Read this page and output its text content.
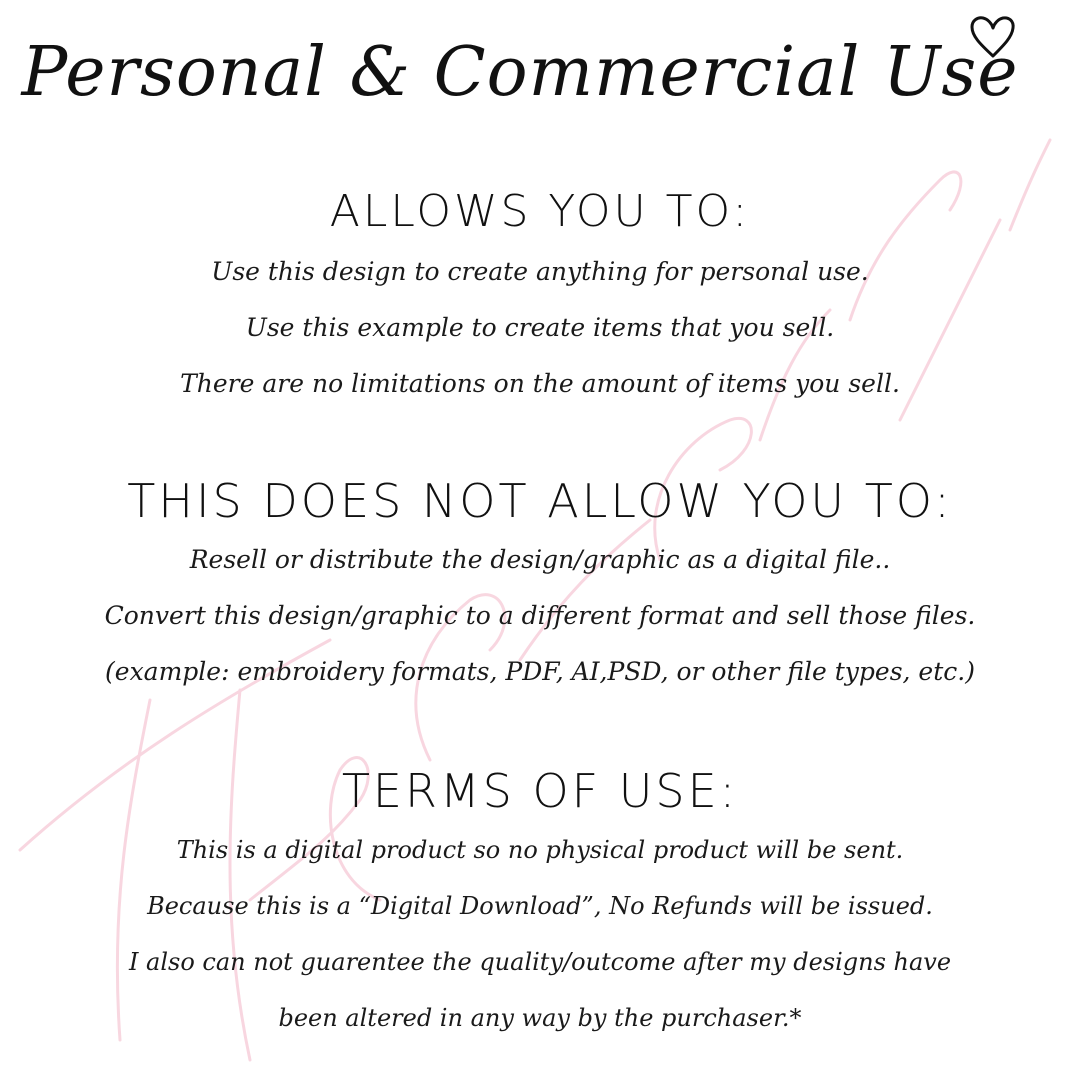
Personal & Commercial Use
ALLOWS YOU TO:
Use this design to create anything for personal use.
Use this example to create items that you sell.
There are no limitations on the amount of items you sell.
THIS DOES NOT ALLOW YOU TO:
Resell or distribute the design/graphic as a digital file..
Convert this design/graphic to a different format and sell those files.
(example: embroidery formats, PDF, AI,PSD, or other file types, etc.)
TERMS OF USE:
This is a digital product so no physical product will be sent.
Because this is a “Digital Download”, No Refunds will be issued.
I also can not guarentee the quality/outcome after my designs have
been altered in any way by the purchaser.*
